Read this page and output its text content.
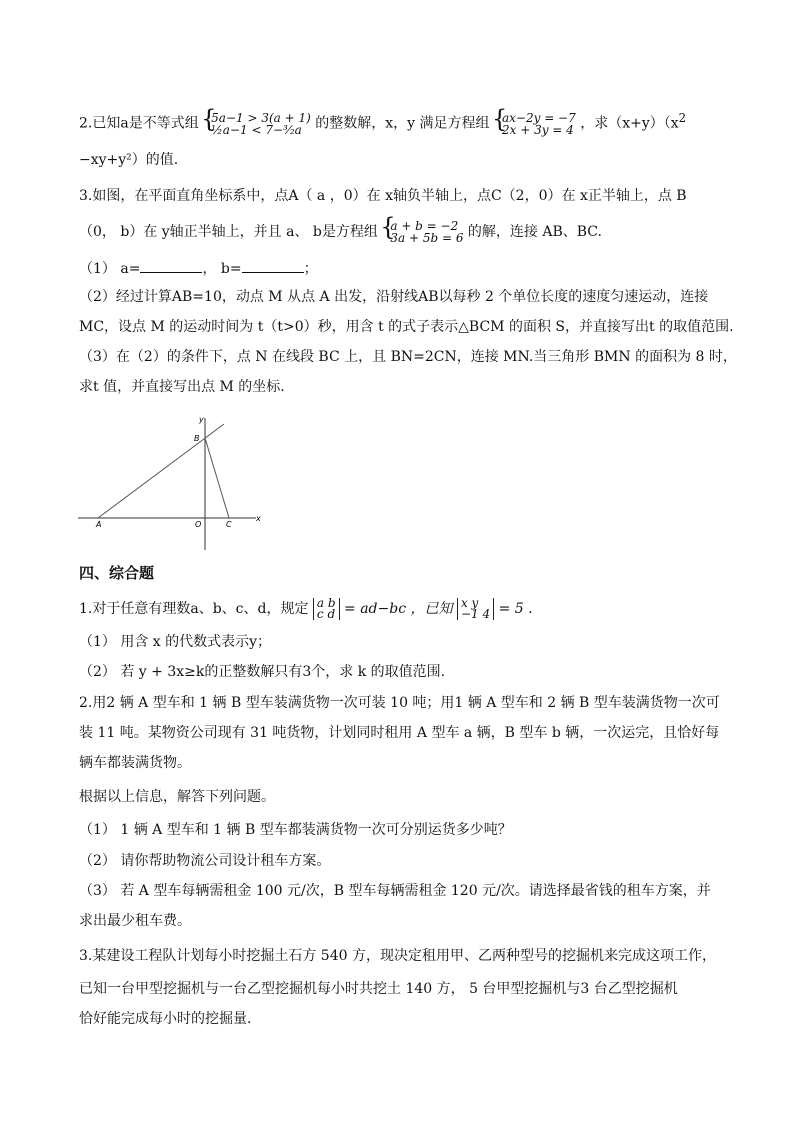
2.已知a是不等式组 { 5a−1 > 3(a + 1)
½a−1 < 7−³⁄₂a 的整数解，x，y 满足方程组 { ax−2y = −7
2x + 3y = 4 ，求$(x+y)(x^2$
−xy+y²）的值.
3.如图，在平面直角坐标系中，点A（ a ，0）在 x轴负半轴上，点C（2，0）在 x正半轴上，点 B
（0， b）在 y轴正半轴上，并且 a、 b是方程组 { a + b = −2
3a + 5b = 6 的解，连接 AB、BC.
（1） a=	， b=	；
（2）经过计算AB=10，动点 M 从点 A 出发，沿射线AB以每秒 2 个单位长度的速度匀速运动，连接
MC，设点 M 的运动时间为 t（t>0）秒，用含 t 的式子表示△BCM 的面积 S，并直接写出t 的取值范围.
（3）在（2）的条件下，点 N 在线段 BC 上，且 BN=2CN，连接 MN.当三角形 BMN 的面积为 8 时，
求t 值，并直接写出点 M 的坐标.
y
B
A	O	C
x
四、综合题
1.对于任意有理数a、b、c、d，规定 a b
c d = ad−bc ，已知 x y
−1 4 = 5 .
（1） 用含 x 的代数式表示y；
（2） 若 y + 3x≥k的正整数解只有3个，求 k 的取值范围.
2.用2 辆 A 型车和 1 辆 B 型车装满货物一次可装 10 吨；用1 辆 A 型车和 2 辆 B 型车装满货物一次可
装 11 吨。某物资公司现有 31 吨货物，计划同时租用 A 型车 a 辆，B 型车 b 辆，一次运完，且恰好每
辆车都装满货物。
根据以上信息，解答下列问题。
（1） 1 辆 A 型车和 1 辆 B 型车都装满货物一次可分别运货多少吨？
（2） 请你帮助物流公司设计租车方案。
（3） 若 A 型车每辆需租金 100 元/次，B 型车每辆需租金 120 元/次。请选择最省钱的租车方案，并
求出最少租车费。
3.某建设工程队计划每小时挖掘土石方 540 方，现决定租用甲、乙两种型号的挖掘机来完成这项工作，
已知一台甲型挖掘机与一台乙型挖掘机每小时共挖土 140 方， 5 台甲型挖掘机与3 台乙型挖掘机
恰好能完成每小时的挖掘量.
